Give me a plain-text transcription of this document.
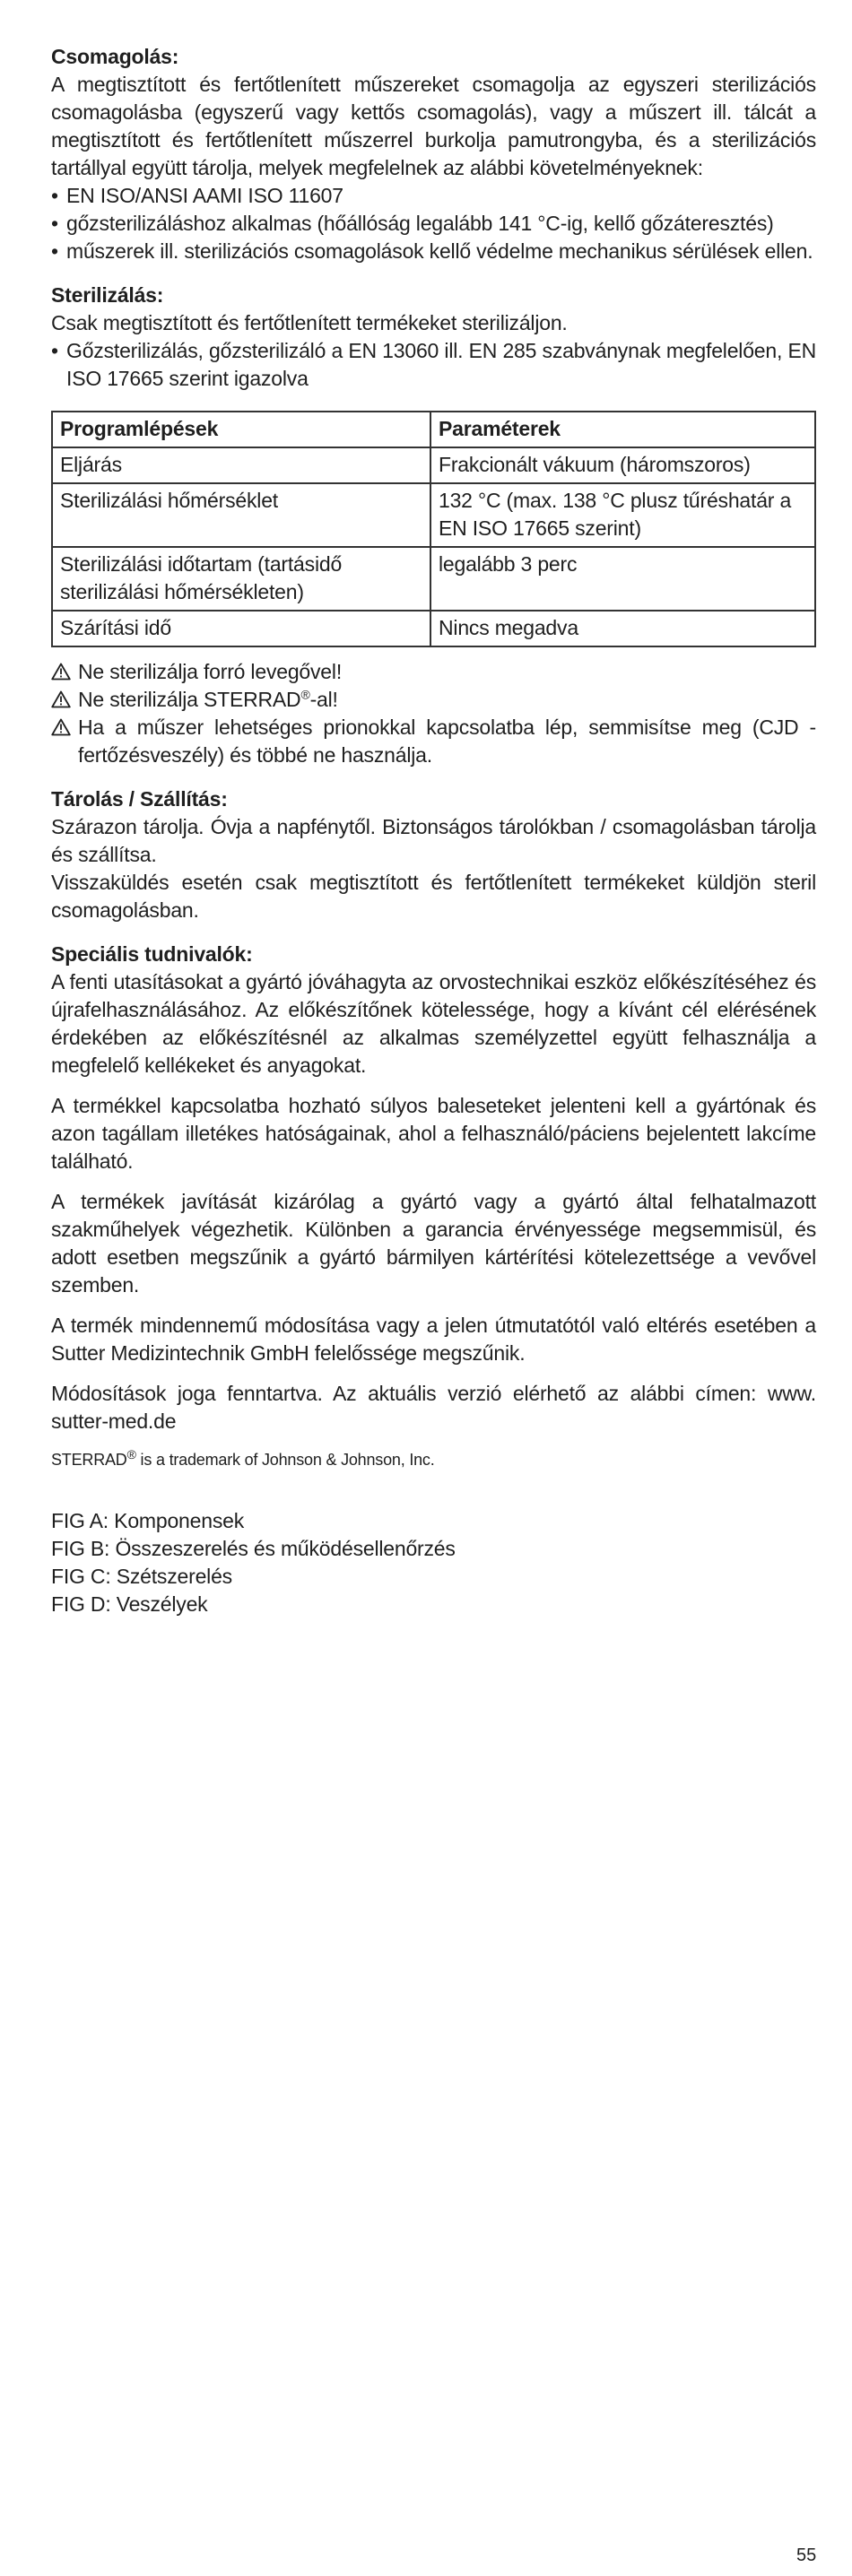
Csomagolás:

A megtisztított és fertőtlenített műszereket csomagolja az egyszeri sterilizációs csomagolásba (egyszerű vagy kettős csomagolás), vagy a műszert ill. tálcát a megtisztított és fertőtlenített műszerrel burkolja pamutrongyba, és a sterilizációs tartállyal együtt tárolja, melyek megfelelnek az alábbi követelményeknek:

• EN ISO/ANSI AAMI ISO 11607
• gőzsterilizáláshoz alkalmas (hőállóság legalább 141 °C-ig, kellő gőzáteresztés)
• műszerek ill. sterilizációs csomagolások kellő védelme mechanikus sérülések ellen.

Sterilizálás:

Csak megtisztított és fertőtlenített termékeket sterilizáljon.

• Gőzsterilizálás, gőzsterilizáló a EN 13060 ill. EN 285 szabványnak megfelelően, EN ISO 17665 szerint igazolva
Programlépések	Paraméterek
Eljárás	Frakcionált vákuum (háromszoros)
Sterilizálási hőmérséklet	132 °C (max. 138 °C plusz tűréshatár a EN ISO 17665 szerint)
Sterilizálási időtartam (tartásidő sterilizálási hőmérsékleten)	legalább 3 perc
Szárítási idő	Nincs megadva
Ne sterilizálja forró levegővel!
Ne sterilizálja STERRAD®-al!
Ha a műszer lehetséges prionokkal kapcsolatba lép, semmisítse meg (CJD - fertőzésveszély) és többé ne használja.

Tárolás / Szállítás:

Szárazon tárolja. Óvja a napfénytől. Biztonságos tárolókban / csomagolásban tárolja és szállítsa.

Visszaküldés esetén csak megtisztított és fertőtlenített termékeket küldjön steril csomagolásban.

Speciális tudnivalók:

A fenti utasításokat a gyártó jóváhagyta az orvostechnikai eszköz előkészítéséhez és újrafelhasználásához. Az előkészítőnek kötelessége, hogy a kívánt cél elérésének érdekében az előkészítésnél az alkalmas személyzettel együtt felhasználja a megfelelő kellékeket és anyagokat.

A termékkel kapcsolatba hozható súlyos baleseteket jelenteni kell a gyártónak és azon tagállam illetékes hatóságainak, ahol a felhasználó/páciens bejelentett lakcíme található.

A termékek javítását kizárólag a gyártó vagy a gyártó által felhatalmazott szakműhelyek végezhetik. Különben a garancia érvényessége megsemmisül, és adott esetben megszűnik a gyártó bármilyen kártérítési kötelezettsége a vevővel szemben.

A termék mindennemű módosítása vagy a jelen útmutatótól való eltérés esetében a Sutter Medizintechnik GmbH felelőssége megszűnik.

Módosítások joga fenntartva. Az aktuális verzió elérhető az alábbi címen: www. sutter-med.de

STERRAD® is a trademark of Johnson & Johnson, Inc.

FIG A: Komponensek

FIG B: Összeszerelés és működésellenőrzés

FIG C: Szétszerelés

FIG D: Veszélyek

55
